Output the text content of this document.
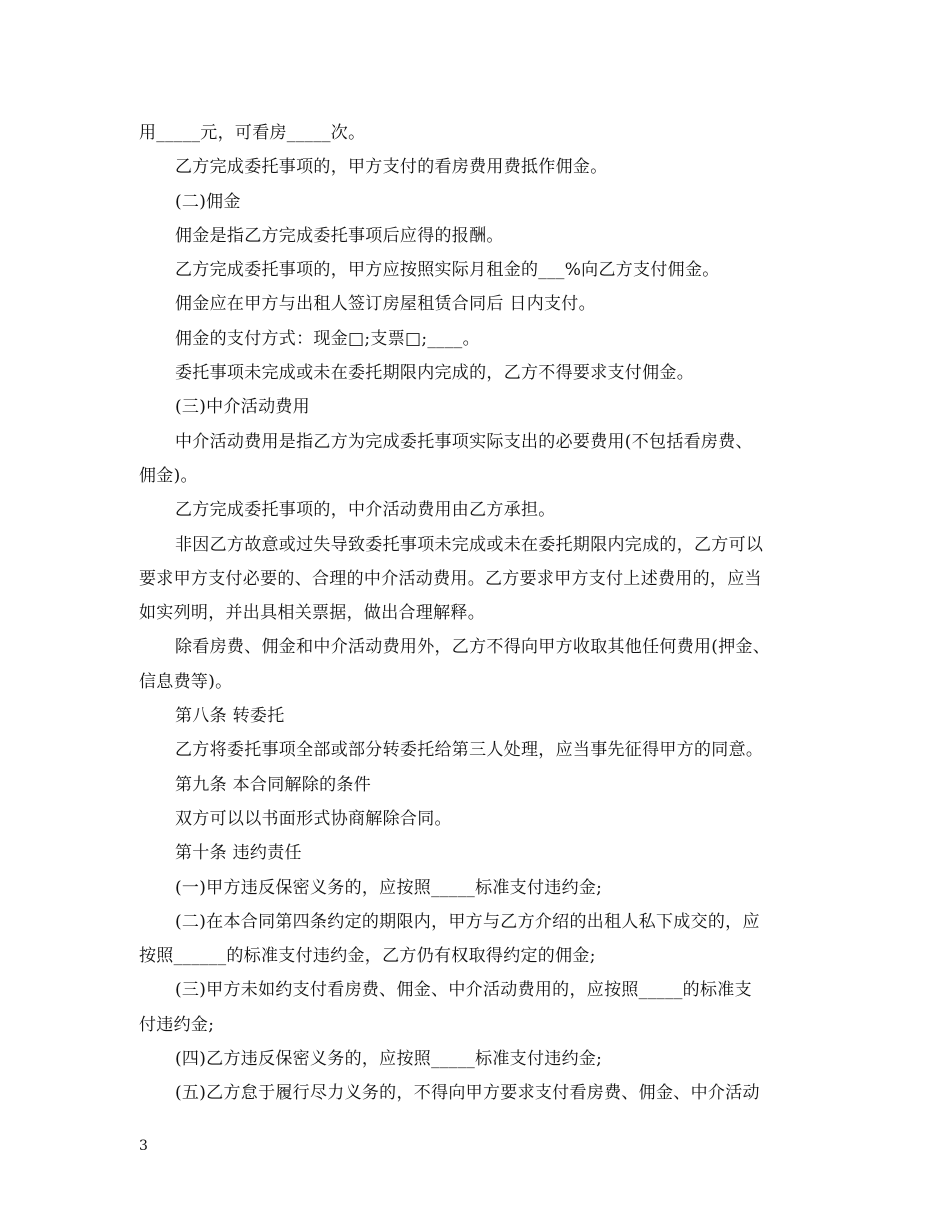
用_____元，可看房_____次。
乙方完成委托事项的，甲方支付的看房费用费抵作佣金。
(二)佣金
佣金是指乙方完成委托事项后应得的报酬。
乙方完成委托事项的，甲方应按照实际月租金的___%向乙方支付佣金。
佣金应在甲方与出租人签订房屋租赁合同后 日内支付。
佣金的支付方式：现金□;支票□;____。
委托事项未完成或未在委托期限内完成的，乙方不得要求支付佣金。
(三)中介活动费用
中介活动费用是指乙方为完成委托事项实际支出的必要费用(不包括看房费、
佣金)。
乙方完成委托事项的，中介活动费用由乙方承担。
非因乙方故意或过失导致委托事项未完成或未在委托期限内完成的，乙方可以
要求甲方支付必要的、合理的中介活动费用。乙方要求甲方支付上述费用的，应当
如实列明，并出具相关票据，做出合理解释。
除看房费、佣金和中介活动费用外，乙方不得向甲方收取其他任何费用(押金、
信息费等)。
第八条 转委托
乙方将委托事项全部或部分转委托给第三人处理，应当事先征得甲方的同意。
第九条 本合同解除的条件
双方可以以书面形式协商解除合同。
第十条 违约责任
(一)甲方违反保密义务的，应按照_____标准支付违约金;
(二)在本合同第四条约定的期限内，甲方与乙方介绍的出租人私下成交的，应
按照______的标准支付违约金，乙方仍有权取得约定的佣金;
(三)甲方未如约支付看房费、佣金、中介活动费用的，应按照_____的标准支
付违约金;
(四)乙方违反保密义务的，应按照_____标准支付违约金;
(五)乙方怠于履行尽力义务的，不得向甲方要求支付看房费、佣金、中介活动
3
